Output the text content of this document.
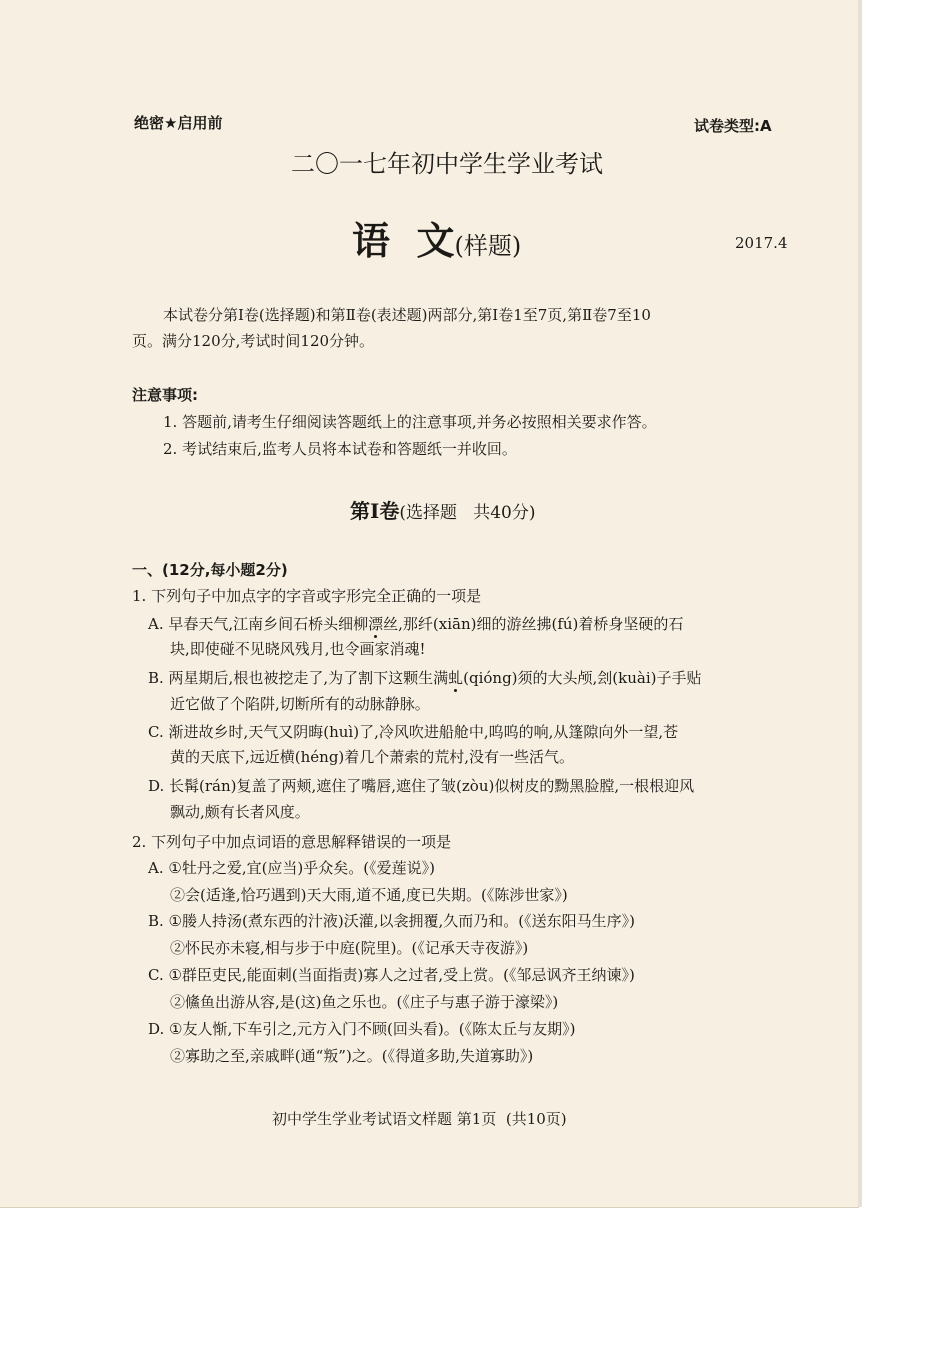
绝密★启用前	试卷类型:A
二〇一七年初中学生学业考试
语  文(样题)	2017.4
本试卷分第Ⅰ卷(选择题)和第Ⅱ卷(表述题)两部分,第Ⅰ卷1至7页,第Ⅱ卷7至10
页。满分120分,考试时间120分钟。
注意事项:
1. 答题前,请考生仔细阅读答题纸上的注意事项,并务必按照相关要求作答。
2. 考试结束后,监考人员将本试卷和答题纸一并收回。
第Ⅰ卷(选择题   共40分)
一、(12分,每小题2分)
1. 下列句子中加点字的字音或字形完全正确的一项是
A. 早春天气,江南乡间石桥头细柳漂丝,那纤(xiān)细的游丝拂(fú)着桥身坚硬的石
块,即使碰不见晓风残月,也令画家消魂!
B. 两星期后,根也被挖走了,为了割下这颗生满虬(qióng)须的大头颅,刽(kuài)子手贴
近它做了个陷阱,切断所有的动脉静脉。
C. 渐进故乡时,天气又阴晦(huì)了,冷风吹进船舱中,呜呜的响,从篷隙向外一望,苍
黄的天底下,远近横(héng)着几个萧索的荒村,没有一些活气。
D. 长髯(rán)复盖了两颊,遮住了嘴唇,遮住了皱(zòu)似树皮的黝黑脸膛,一根根迎风
飘动,颇有长者风度。
2. 下列句子中加点词语的意思解释错误的一项是
A. ①牡丹之爱,宜(应当)乎众矣。(《爱莲说》)
②会(适逢,恰巧遇到)天大雨,道不通,度已失期。(《陈涉世家》)
B. ①媵人持汤(煮东西的汁液)沃灌,以衾拥覆,久而乃和。(《送东阳马生序》)
②怀民亦未寝,相与步于中庭(院里)。(《记承天寺夜游》)
C. ①群臣吏民,能面刺(当面指责)寡人之过者,受上赏。(《邹忌讽齐王纳谏》)
②鯈鱼出游从容,是(这)鱼之乐也。(《庄子与惠子游于濠梁》)
D. ①友人惭,下车引之,元方入门不顾(回头看)。(《陈太丘与友期》)
②寡助之至,亲戚畔(通“叛”)之。(《得道多助,失道寡助》)
初中学生学业考试语文样题 第1页  (共10页)
